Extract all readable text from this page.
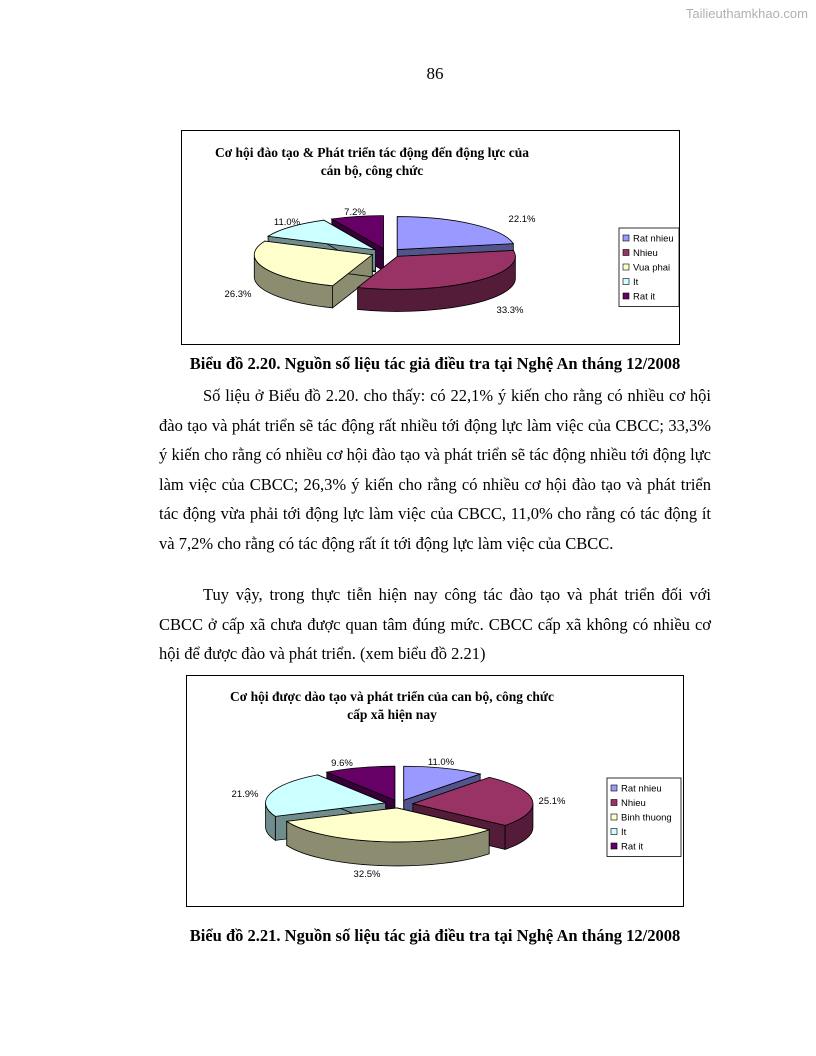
Tailieuthamkhao.com
86
Cơ hội đào tạo & Phát triển tác động đến động lực của
cán bộ, công chức
22.1%
33.3%
26.3%
11.0%
7.2%
Rat nhieu
Nhieu
Vua phai
It
Rat it
Biểu đồ 2.20. Nguồn số liệu tác giả điều tra tại Nghệ An tháng 12/2008

Số liệu ở Biểu đồ 2.20. cho thấy: có 22,1% ý kiến cho rằng có nhiều cơ hội đào tạo và phát triển sẽ tác động rất nhiều tới động lực làm việc của CBCC; 33,3% ý kiến cho rằng có nhiều cơ hội đào tạo và phát triển sẽ tác động nhiều tới động lực làm việc của CBCC; 26,3% ý kiến cho rằng có nhiều cơ hội đào tạo và phát triển tác động vừa phải tới động lực làm việc của CBCC, 11,0% cho rằng có tác động ít và 7,2% cho rằng có tác động rất ít tới động lực làm việc của CBCC.

Tuy vậy, trong thực tiễn hiện nay công tác đào tạo và phát triển đối với CBCC ở cấp xã chưa được quan tâm đúng mức. CBCC cấp xã không có nhiều cơ hội để được đào và phát triển. (xem biểu đồ 2.21)

Cơ hội được dào tạo và phát triển của can bộ, công chức
cấp xã hiện nay
11.0%
25.1%
32.5%
21.9%
9.6%
Rat nhieu
Nhieu
Binh thuong
It
Rat it
Biểu đồ 2.21. Nguồn số liệu tác giả điều tra tại Nghệ An tháng 12/2008
